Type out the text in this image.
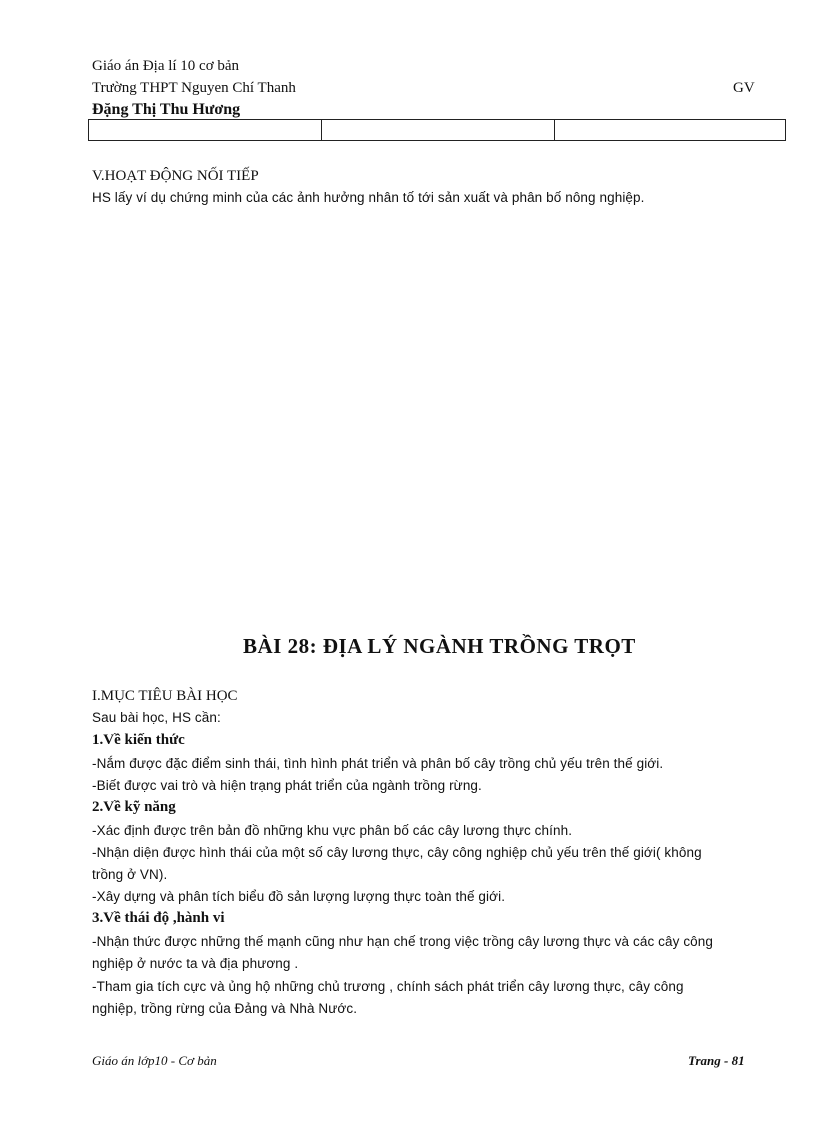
Giáo án Địa lí 10 cơ bản
Trường THPT Nguyen Chí Thanh	GV
Đặng Thị Thu Hương

V.HOẠT ĐỘNG NỐI TIẾP
HS lấy ví dụ chứng minh của các ảnh hưởng nhân tố tới sản xuất và phân bố nông nghiệp.
BÀI 28: ĐỊA LÝ NGÀNH TRỒNG TRỌT
I.MỤC TIÊU BÀI HỌC
Sau bài học, HS cần:
1.Về kiến thức
-Nắm được đặc điểm sinh thái, tình hình phát triển và phân bố cây trồng chủ yếu trên thế giới.
-Biết được vai trò và hiện trạng phát triển của ngành trồng rừng.
2.Về kỹ năng
-Xác định được trên bản đồ những khu vực phân bố các cây lương thực chính.
-Nhận diện được hình thái của một số cây lương thực, cây công nghiệp chủ yếu trên thế giới( không
trồng ở VN).
-Xây dựng và phân tích biểu đồ sản lượng lượng thực toàn thế giới.
3.Về thái độ ,hành vi
-Nhận thức được những thế mạnh cũng như hạn chế trong việc trồng cây lương thực và các cây công
nghiệp ở nước ta và địa phương .
-Tham gia tích cực và ủng hộ những chủ trương , chính sách phát triển cây lương thực, cây công
nghiệp, trồng rừng của Đảng và Nhà Nước.
Giáo án lớp10 - Cơ bản	Trang - 81
